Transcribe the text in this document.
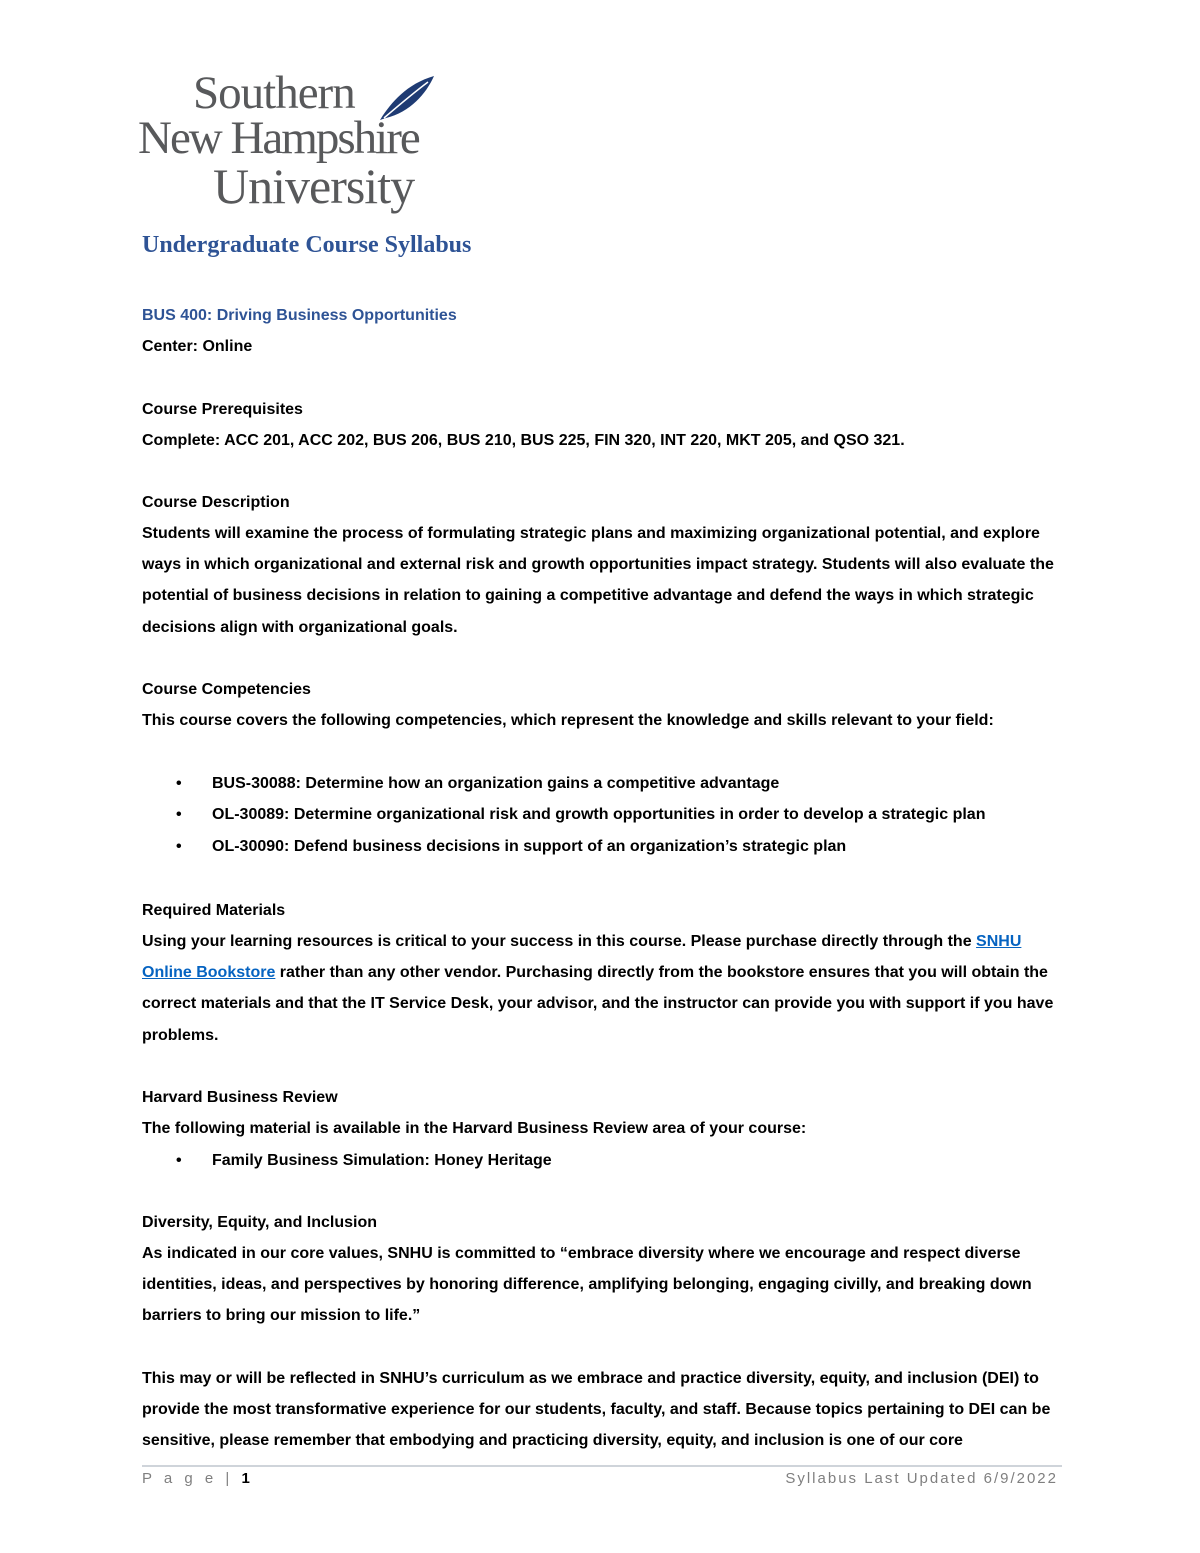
Southern
New Hampshire
University
Undergraduate Course Syllabus
BUS 400: Driving Business Opportunities
Center: Online
Course Prerequisites
Complete: ACC 201, ACC 202, BUS 206, BUS 210, BUS 225, FIN 320, INT 220, MKT 205, and QSO 321.
Course Description
Students will examine the process of formulating strategic plans and maximizing organizational potential, and explore ways in which organizational and external risk and growth opportunities impact strategy. Students will also evaluate the potential of business decisions in relation to gaining a competitive advantage and defend the ways in which strategic decisions align with organizational goals.
Course Competencies
This course covers the following competencies, which represent the knowledge and skills relevant to your field:
• BUS-30088: Determine how an organization gains a competitive advantage
• OL-30089: Determine organizational risk and growth opportunities in order to develop a strategic plan
• OL-30090: Defend business decisions in support of an organization’s strategic plan
Required Materials
Using your learning resources is critical to your success in this course. Please purchase directly through the SNHU Online Bookstore rather than any other vendor. Purchasing directly from the bookstore ensures that you will obtain the correct materials and that the IT Service Desk, your advisor, and the instructor can provide you with support if you have problems.
Harvard Business Review
The following material is available in the Harvard Business Review area of your course:
• Family Business Simulation: Honey Heritage
Diversity, Equity, and Inclusion
As indicated in our core values, SNHU is committed to “embrace diversity where we encourage and respect diverse identities, ideas, and perspectives by honoring difference, amplifying belonging, engaging civilly, and breaking down barriers to bring our mission to life.”
This may or will be reflected in SNHU’s curriculum as we embrace and practice diversity, equity, and inclusion (DEI) to provide the most transformative experience for our students, faculty, and staff. Because topics pertaining to DEI can be sensitive, please remember that embodying and practicing diversity, equity, and inclusion is one of our core
P a g e | 1	Syllabus Last Updated 6/9/2022
